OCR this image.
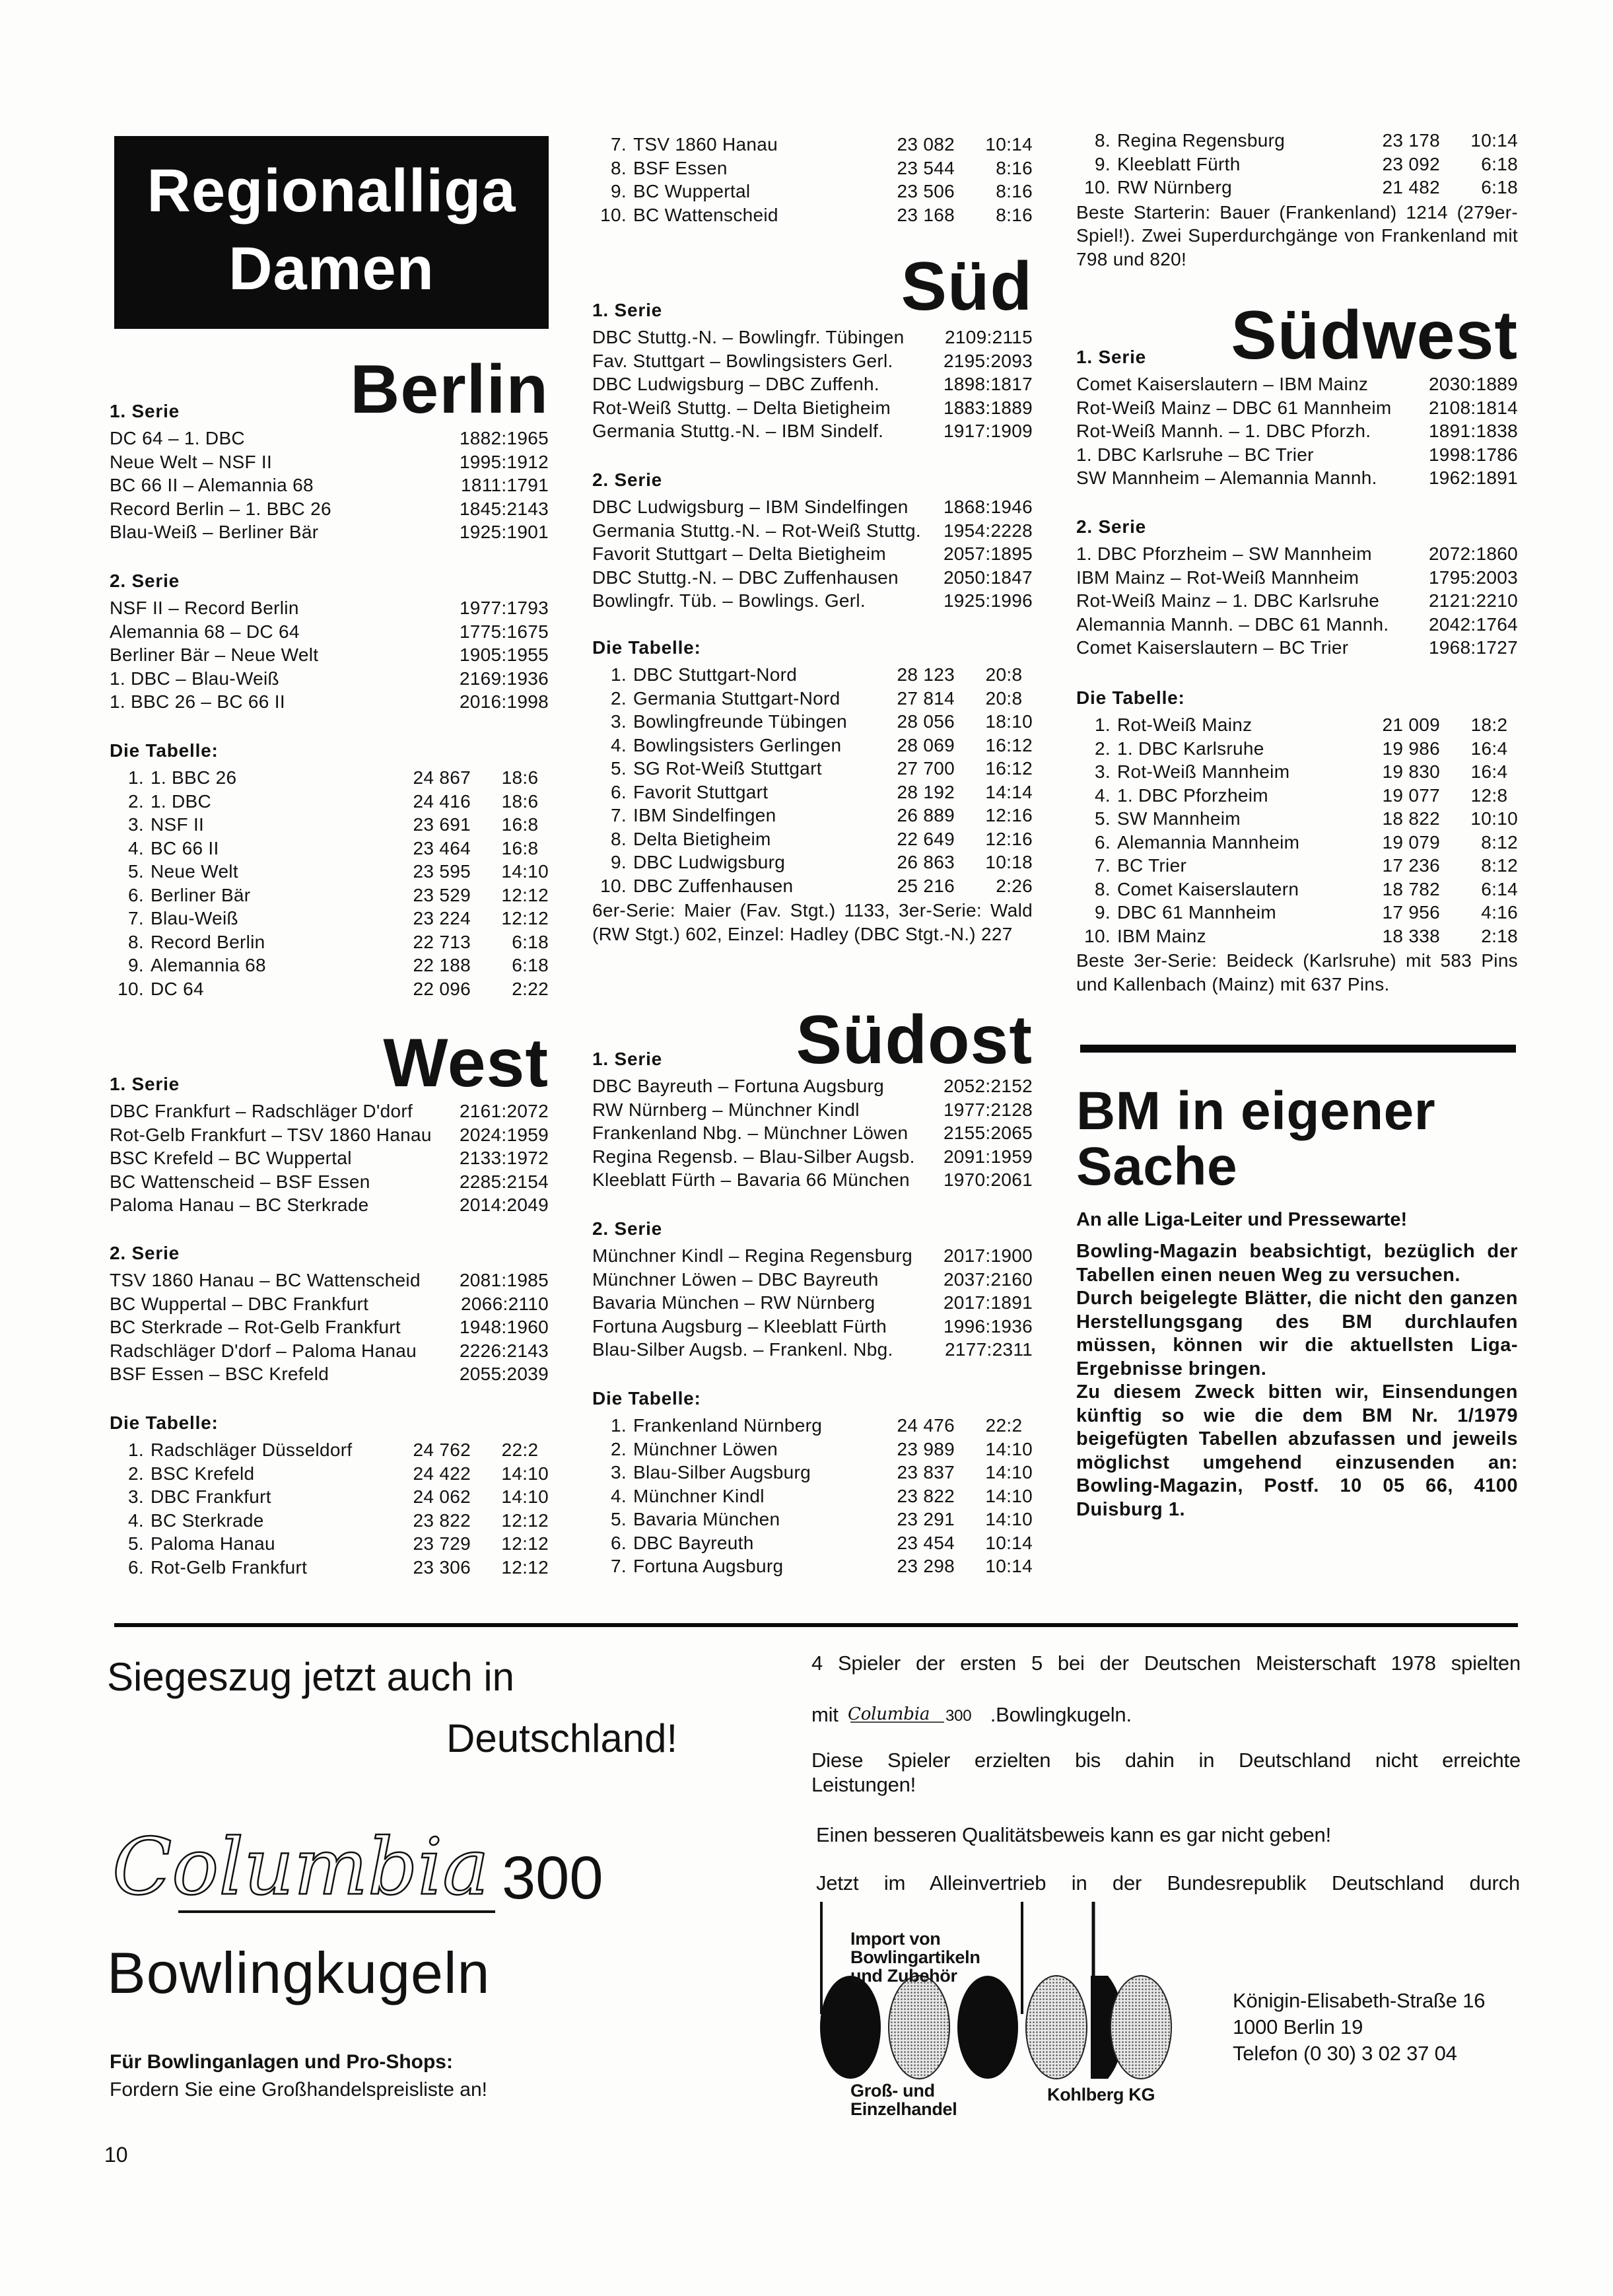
Regionalliga
Damen
Berlin
1. Serie
DC 64 – 1. DBC	1882:1965
Neue Welt – NSF II	1995:1912
BC 66 II – Alemannia 68	1811:1791
Record Berlin – 1. BBC 26	1845:2143
Blau-Weiß – Berliner Bär	1925:1901
2. Serie
NSF II – Record Berlin	1977:1793
Alemannia 68 – DC 64	1775:1675
Berliner Bär – Neue Welt	1905:1955
1. DBC – Blau-Weiß	2169:1936
1. BBC 26 – BC 66 II	2016:1998
Die Tabelle:
1. 1. BBC 26	24 867	18:6
2. 1. DBC	24 416	18:6
3. NSF II	23 691	16:8
4. BC 66 II	23 464	16:8
5. Neue Welt	23 595	14:10
6. Berliner Bär	23 529	12:12
7. Blau-Weiß	23 224	12:12
8. Record Berlin	22 713	6:18
9. Alemannia 68	22 188	6:18
10. DC 64	22 096	2:22
West
1. Serie
DBC Frankfurt – Radschläger D'dorf	2161:2072
Rot-Gelb Frankfurt – TSV 1860 Hanau	2024:1959
BSC Krefeld – BC Wuppertal	2133:1972
BC Wattenscheid – BSF Essen	2285:2154
Paloma Hanau – BC Sterkrade	2014:2049
2. Serie
TSV 1860 Hanau – BC Wattenscheid	2081:1985
BC Wuppertal – DBC Frankfurt	2066:2110
BC Sterkrade – Rot-Gelb Frankfurt	1948:1960
Radschläger D'dorf – Paloma Hanau	2226:2143
BSF Essen – BSC Krefeld	2055:2039
Die Tabelle:
1. Radschläger Düsseldorf	24 762	22:2
2. BSC Krefeld	24 422	14:10
3. DBC Frankfurt	24 062	14:10
4. BC Sterkrade	23 822	12:12
5. Paloma Hanau	23 729	12:12
6. Rot-Gelb Frankfurt	23 306	12:12
7. TSV 1860 Hanau	23 082	10:14
8. BSF Essen	23 544	8:16
9. BC Wuppertal	23 506	8:16
10. BC Wattenscheid	23 168	8:16
Süd
1. Serie
DBC Stuttg.-N. – Bowlingfr. Tübingen	2109:2115
Fav. Stuttgart – Bowlingsisters Gerl.	2195:2093
DBC Ludwigsburg – DBC Zuffenh.	1898:1817
Rot-Weiß Stuttg. – Delta Bietigheim	1883:1889
Germania Stuttg.-N. – IBM Sindelf.	1917:1909
2. Serie
DBC Ludwigsburg – IBM Sindelfingen	1868:1946
Germania Stuttg.-N. – Rot-Weiß Stuttg.	1954:2228
Favorit Stuttgart – Delta Bietigheim	2057:1895
DBC Stuttg.-N. – DBC Zuffenhausen	2050:1847
Bowlingfr. Tüb. – Bowlings. Gerl.	1925:1996
Die Tabelle:
1. DBC Stuttgart-Nord	28 123	20:8
2. Germania Stuttgart-Nord	27 814	20:8
3. Bowlingfreunde Tübingen	28 056	18:10
4. Bowlingsisters Gerlingen	28 069	16:12
5. SG Rot-Weiß Stuttgart	27 700	16:12
6. Favorit Stuttgart	28 192	14:14
7. IBM Sindelfingen	26 889	12:16
8. Delta Bietigheim	22 649	12:16
9. DBC Ludwigsburg	26 863	10:18
10. DBC Zuffenhausen	25 216	2:26
6er-Serie: Maier (Fav. Stgt.) 1133, 3er-Serie: Wald (RW Stgt.) 602, Einzel: Hadley (DBC Stgt.-N.) 227
Südost
1. Serie
DBC Bayreuth – Fortuna Augsburg	2052:2152
RW Nürnberg – Münchner Kindl	1977:2128
Frankenland Nbg. – Münchner Löwen	2155:2065
Regina Regensb. – Blau-Silber Augsb.	2091:1959
Kleeblatt Fürth – Bavaria 66 München	1970:2061
2. Serie
Münchner Kindl – Regina Regensburg	2017:1900
Münchner Löwen – DBC Bayreuth	2037:2160
Bavaria München – RW Nürnberg	2017:1891
Fortuna Augsburg – Kleeblatt Fürth	1996:1936
Blau-Silber Augsb. – Frankenl. Nbg.	2177:2311
Die Tabelle:
1. Frankenland Nürnberg	24 476	22:2
2. Münchner Löwen	23 989	14:10
3. Blau-Silber Augsburg	23 837	14:10
4. Münchner Kindl	23 822	14:10
5. Bavaria München	23 291	14:10
6. DBC Bayreuth	23 454	10:14
7. Fortuna Augsburg	23 298	10:14
8. Regina Regensburg	23 178	10:14
9. Kleeblatt Fürth	23 092	6:18
10. RW Nürnberg	21 482	6:18
Beste Starterin: Bauer (Frankenland) 1214 (279er-Spiel!). Zwei Superdurchgänge von Frankenland mit 798 und 820!
Südwest
1. Serie
Comet Kaiserslautern – IBM Mainz	2030:1889
Rot-Weiß Mainz – DBC 61 Mannheim	2108:1814
Rot-Weiß Mannh. – 1. DBC Pforzh.	1891:1838
1. DBC Karlsruhe – BC Trier	1998:1786
SW Mannheim – Alemannia Mannh.	1962:1891
2. Serie
1. DBC Pforzheim – SW Mannheim	2072:1860
IBM Mainz – Rot-Weiß Mannheim	1795:2003
Rot-Weiß Mainz – 1. DBC Karlsruhe	2121:2210
Alemannia Mannh. – DBC 61 Mannh.	2042:1764
Comet Kaiserslautern – BC Trier	1968:1727
Die Tabelle:
1. Rot-Weiß Mainz	21 009	18:2
2. 1. DBC Karlsruhe	19 986	16:4
3. Rot-Weiß Mannheim	19 830	16:4
4. 1. DBC Pforzheim	19 077	12:8
5. SW Mannheim	18 822	10:10
6. Alemannia Mannheim	19 079	8:12
7. BC Trier	17 236	8:12
8. Comet Kaiserslautern	18 782	6:14
9. DBC 61 Mannheim	17 956	4:16
10. IBM Mainz	18 338	2:18
Beste 3er-Serie: Beideck (Karlsruhe) mit 583 Pins und Kallenbach (Mainz) mit 637 Pins.
BM in eigener
Sache
An alle Liga-Leiter und Pressewarte!

Bowling-Magazin beabsichtigt, bezüglich der Tabellen einen neuen Weg zu versuchen.

Durch beigelegte Blätter, die nicht den ganzen Herstellungsgang des BM durchlaufen müssen, können wir die aktuellsten Liga-Ergebnisse bringen.

Zu diesem Zweck bitten wir, Einsendungen künftig so wie die dem BM Nr. 1/1979 beigefügten Tabellen abzufassen und jeweils möglichst umgehend einzusenden an: Bowling-Magazin, Postf. 10 05 66, 4100 Duisburg 1.

Siegeszug jetzt auch in
Deutschland!
Columbia 300
Bowlingkugeln
Für Bowlinganlagen und Pro-Shops:
Fordern Sie eine Großhandelspreisliste an!
10
4 Spieler der ersten 5 bei der Deutschen Meisterschaft 1978 spielten
mit Columbia 300 .Bowlingkugeln.
Diese Spieler erzielten bis dahin in Deutschland nicht erreichte
Leistungen!
Einen besseren Qualitätsbeweis kann es gar nicht geben!
Jetzt im Alleinvertrieb in der Bundesrepublik Deutschland durch
Import von
Bowlingartikeln
und Zubehör
Groß- und
Einzelhandel
Kohlberg KG
Königin-Elisabeth-Straße 16
1000 Berlin 19
Telefon (0 30) 3 02 37 04
